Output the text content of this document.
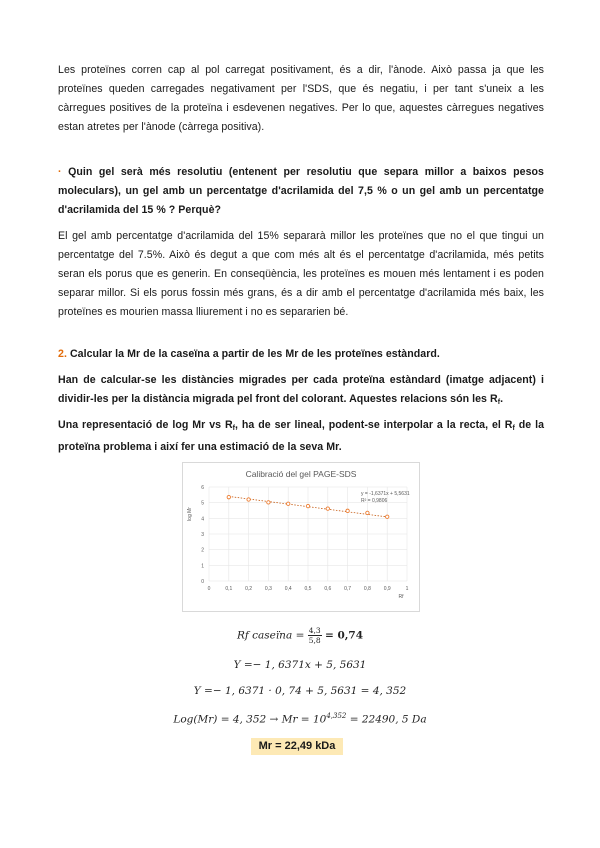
Les proteïnes corren cap al pol carregat positivament, és a dir, l'ànode. Això passa ja que les proteïnes queden carregades negativament per l'SDS, que és negatiu, i per tant s'uneix a les càrregues positives de la proteïna i esdevenen negatives. Per lo que, aquestes càrregues negatives estan atretes per l'ànode (càrrega positiva).
· Quin gel serà més resolutiu (entenent per resolutiu que separa millor a baixos pesos moleculars), un gel amb un percentatge d'acrilamida del 7,5 % o un gel amb un percentatge d'acrilamida del 15 % ? Perquè?
El gel amb percentatge d'acrilamida del 15% separarà millor les proteïnes que no el que tingui un percentatge del 7.5%. Això és degut a que com més alt és el percentatge d'acrilamida, més petits seran els porus que es generin. En conseqüència, les proteïnes es mouen més lentament i es poden separar millor. Si els porus fossin més grans, és a dir amb el percentatge d'acrilamida més baix, les proteïnes es mourien massa lliurement i no es separarien bé.
2. Calcular la Mr de la caseïna a partir de les Mr de les proteïnes estàndard.
Han de calcular-se les distàncies migrades per cada proteïna estàndard (imatge adjacent) i dividir-les per la distància migrada pel front del colorant. Aquestes relacions són les $R_f$.
Una representació de log Mr vs $R_f$, ha de ser lineal, podent-se interpolar a la recta, el $R_f$ de la proteïna problema i així fer una estimació de la seva Mr.
Calibració del gel PAGE-SDS
0
1
2
3
4
5
6
0	0,1	0,2	0,3	0,4	0,5	0,6	0,7	0,8	0,9	1
log Mr
Rf
y = -1,6371x + 5,5631
R² = 0,9806
Rf caseïna = $\frac{4,3}{5,8} = 0,74$
Y =− 1, 6371x + 5, 5631
Y =− 1, 6371 · 0, 74 + 5, 5631 = 4, 352
Log(Mr) = 4, $352 \to Mr = 10^{4,352} = 22490$, 5 Da
Mr = 22,49 kDa
